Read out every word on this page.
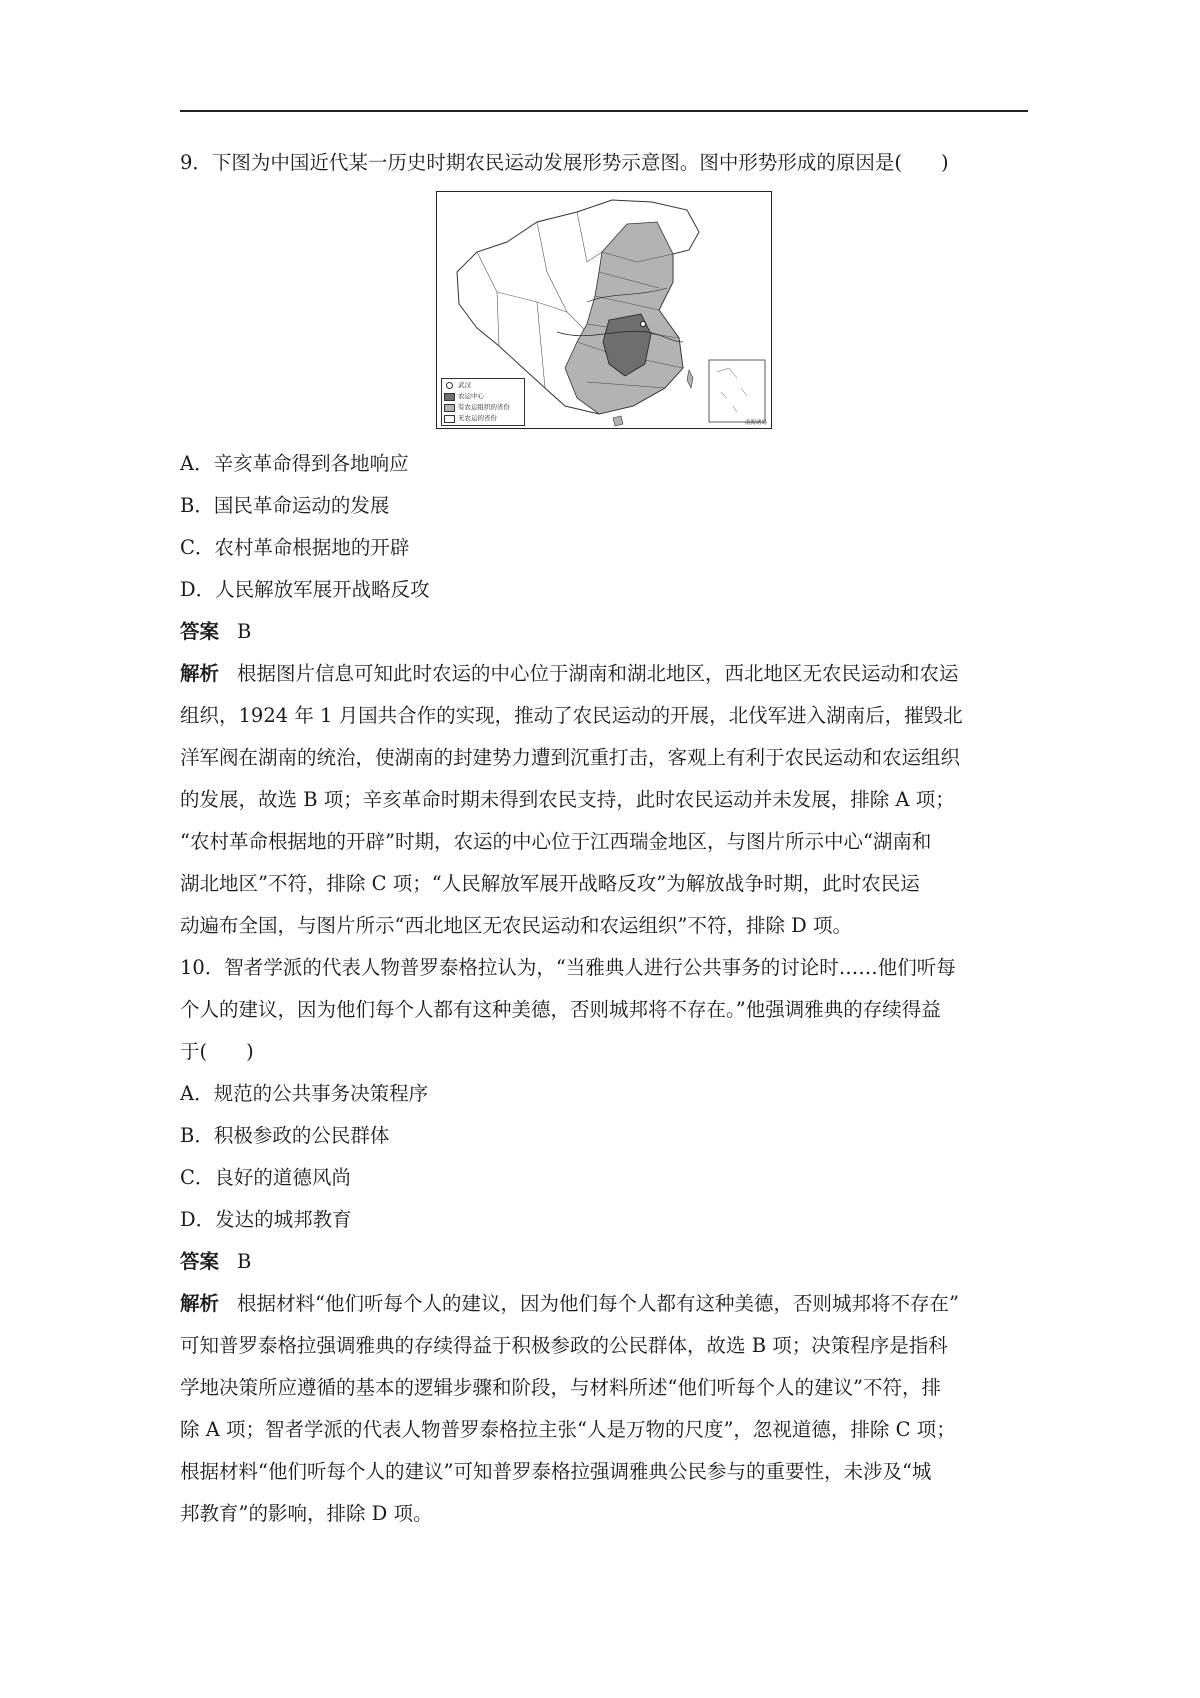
9．下图为中国近代某一历史时期农民运动发展形势示意图。图中形势形成的原因是(　　)
武汉
农运中心
有农运组织的省份
无农运的省份
南海诸岛
A．辛亥革命得到各地响应
B．国民革命运动的发展
C．农村革命根据地的开辟
D．人民解放军展开战略反攻
答案 B
解析 根据图片信息可知此时农运的中心位于湖南和湖北地区，西北地区无农民运动和农运
组织，1924 年 1 月国共合作的实现，推动了农民运动的开展，北伐军进入湖南后，摧毁北
洋军阀在湖南的统治，使湖南的封建势力遭到沉重打击，客观上有利于农民运动和农运组织
的发展，故选 B 项；辛亥革命时期未得到农民支持，此时农民运动并未发展，排除 A 项；
“农村革命根据地的开辟”时期，农运的中心位于江西瑞金地区，与图片所示中心“湖南和
湖北地区”不符，排除 C 项；“人民解放军展开战略反攻”为解放战争时期，此时农民运
动遍布全国，与图片所示“西北地区无农民运动和农运组织”不符，排除 D 项。
10．智者学派的代表人物普罗泰格拉认为，“当雅典人进行公共事务的讨论时……他们听每
个人的建议，因为他们每个人都有这种美德，否则城邦将不存在。”他强调雅典的存续得益
于(　　)
A．规范的公共事务决策程序
B．积极参政的公民群体
C．良好的道德风尚
D．发达的城邦教育
答案 B
解析 根据材料“他们听每个人的建议，因为他们每个人都有这种美德，否则城邦将不存在”
可知普罗泰格拉强调雅典的存续得益于积极参政的公民群体，故选 B 项；决策程序是指科
学地决策所应遵循的基本的逻辑步骤和阶段，与材料所述“他们听每个人的建议”不符，排
除 A 项；智者学派的代表人物普罗泰格拉主张“人是万物的尺度”，忽视道德，排除 C 项；
根据材料“他们听每个人的建议”可知普罗泰格拉强调雅典公民参与的重要性，未涉及“城
邦教育”的影响，排除 D 项。
